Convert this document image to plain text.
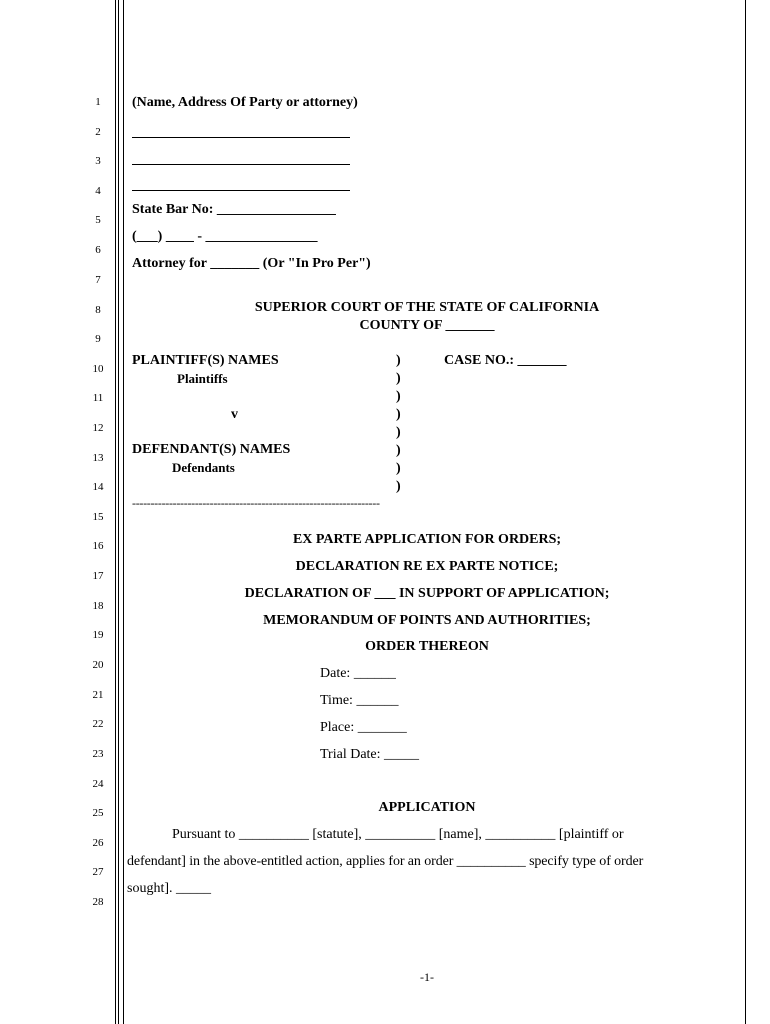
1
2
3
4
5
6
7
8
9
10
11
12
13
14
15
16
17
18
19
20
21
22
23
24
25
26
27
28
(Name, Address Of Party or attorney)
State Bar No: _________________
(___) ____ - ________________
Attorney for _______ (Or "In Pro Per")
SUPERIOR COURT OF THE STATE OF CALIFORNIA
COUNTY OF _______
PLAINTIFF(S) NAMES
Plaintiffs
v
DEFENDANT(S) NAMES
Defendants
CASE NO.: _______
)
)
)
)
)
)
)
)
-------------------------------------------------------------------
EX PARTE APPLICATION FOR ORDERS;
DECLARATION RE EX PARTE NOTICE;
DECLARATION OF ___ IN SUPPORT OF APPLICATION;
MEMORANDUM OF POINTS AND AUTHORITIES;
ORDER THEREON
Date: ______
Time: ______
Place: _______
Trial Date: _____
APPLICATION
Pursuant to __________ [statute], __________ [name], __________ [plaintiff or
defendant] in the above-entitled action, applies for an order __________ specify type of order
sought]. _____
-1-
